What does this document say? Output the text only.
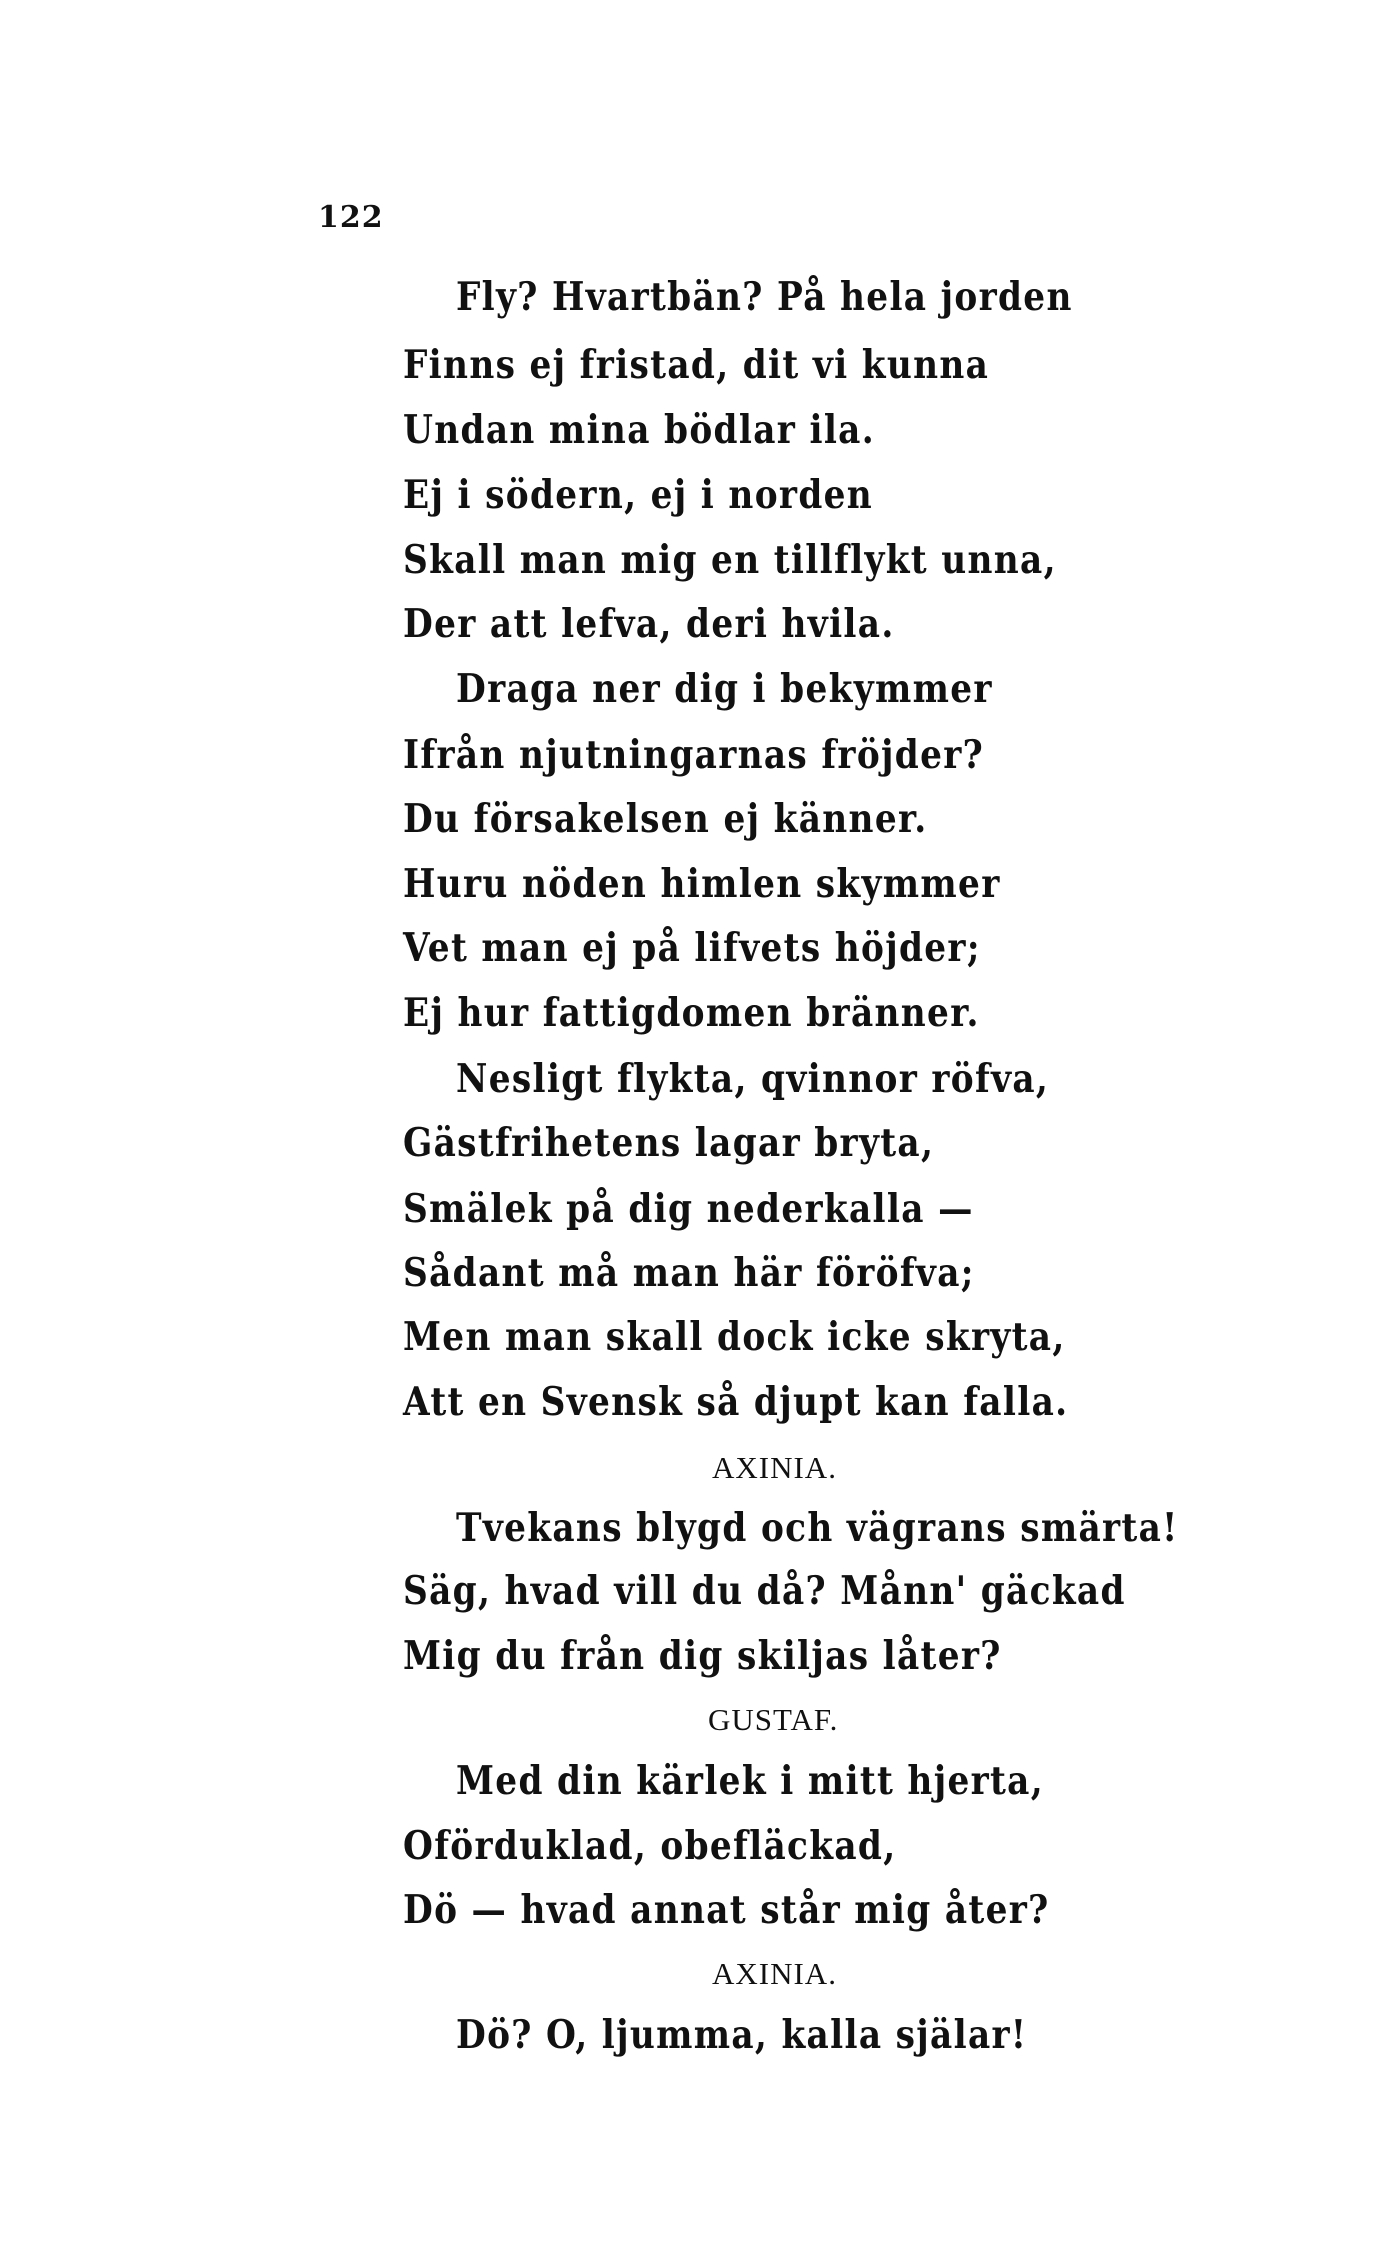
122
Fly? Hvartbän? På hela jorden
Finns ej fristad, dit vi kunna
Undan mina bödlar ila.
Ej i södern, ej i norden
Skall man mig en tillflykt unna,
Der att lefva, deri hvila.
Draga ner dig i bekymmer
Ifrån njutningarnas fröjder?
Du försakelsen ej känner.
Huru nöden himlen skymmer
Vet man ej på lifvets höjder;
Ej hur fattigdomen bränner.
Nesligt flykta, qvinnor röfva,
Gästfrihetens lagar bryta,
Smälek på dig nederkalla —
Sådant må man här föröfva;
Men man skall dock icke skryta,
Att en Svensk så djupt kan falla.
AXINIA.
Tvekans blygd och vägrans smärta!
Säg, hvad vill du då? Månn' gäckad
Mig du från dig skiljas låter?
GUSTAF.
Med din kärlek i mitt hjerta,
Oförduklad, obefläckad,
Dö — hvad annat står mig åter?
AXINIA.
Dö? O, ljumma, kalla själar!
